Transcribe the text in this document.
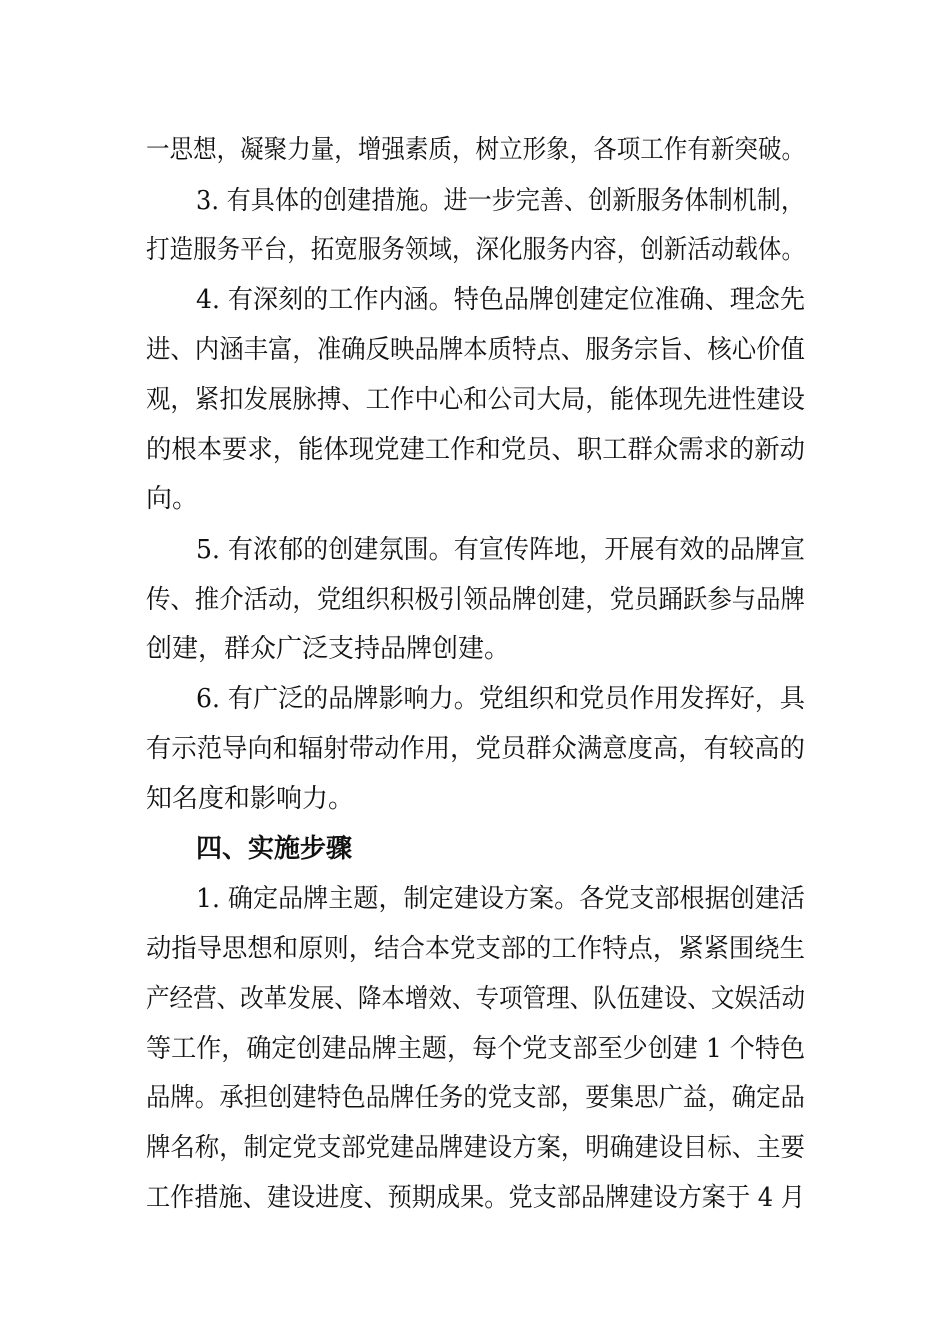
一思想，凝聚力量，增强素质，树立形象，各项工作有新突破。
3. 有具体的创建措施。进一步完善、创新服务体制机制，
打造服务平台，拓宽服务领域，深化服务内容，创新活动载体。
4. 有深刻的工作内涵。特色品牌创建定位准确、理念先
进、内涵丰富，准确反映品牌本质特点、服务宗旨、核心价值
观，紧扣发展脉搏、工作中心和公司大局，能体现先进性建设
的根本要求，能体现党建工作和党员、职工群众需求的新动
向。
5. 有浓郁的创建氛围。有宣传阵地，开展有效的品牌宣
传、推介活动，党组织积极引领品牌创建，党员踊跃参与品牌
创建，群众广泛支持品牌创建。
6. 有广泛的品牌影响力。党组织和党员作用发挥好，具
有示范导向和辐射带动作用，党员群众满意度高，有较高的
知名度和影响力。
四、实施步骤
1. 确定品牌主题，制定建设方案。各党支部根据创建活
动指导思想和原则，结合本党支部的工作特点，紧紧围绕生
产经营、改革发展、降本增效、专项管理、队伍建设、文娱活动
等工作，确定创建品牌主题，每个党支部至少创建 1 个特色
品牌。承担创建特色品牌任务的党支部，要集思广益，确定品
牌名称，制定党支部党建品牌建设方案，明确建设目标、主要
工作措施、建设进度、预期成果。党支部品牌建设方案于 4 月
